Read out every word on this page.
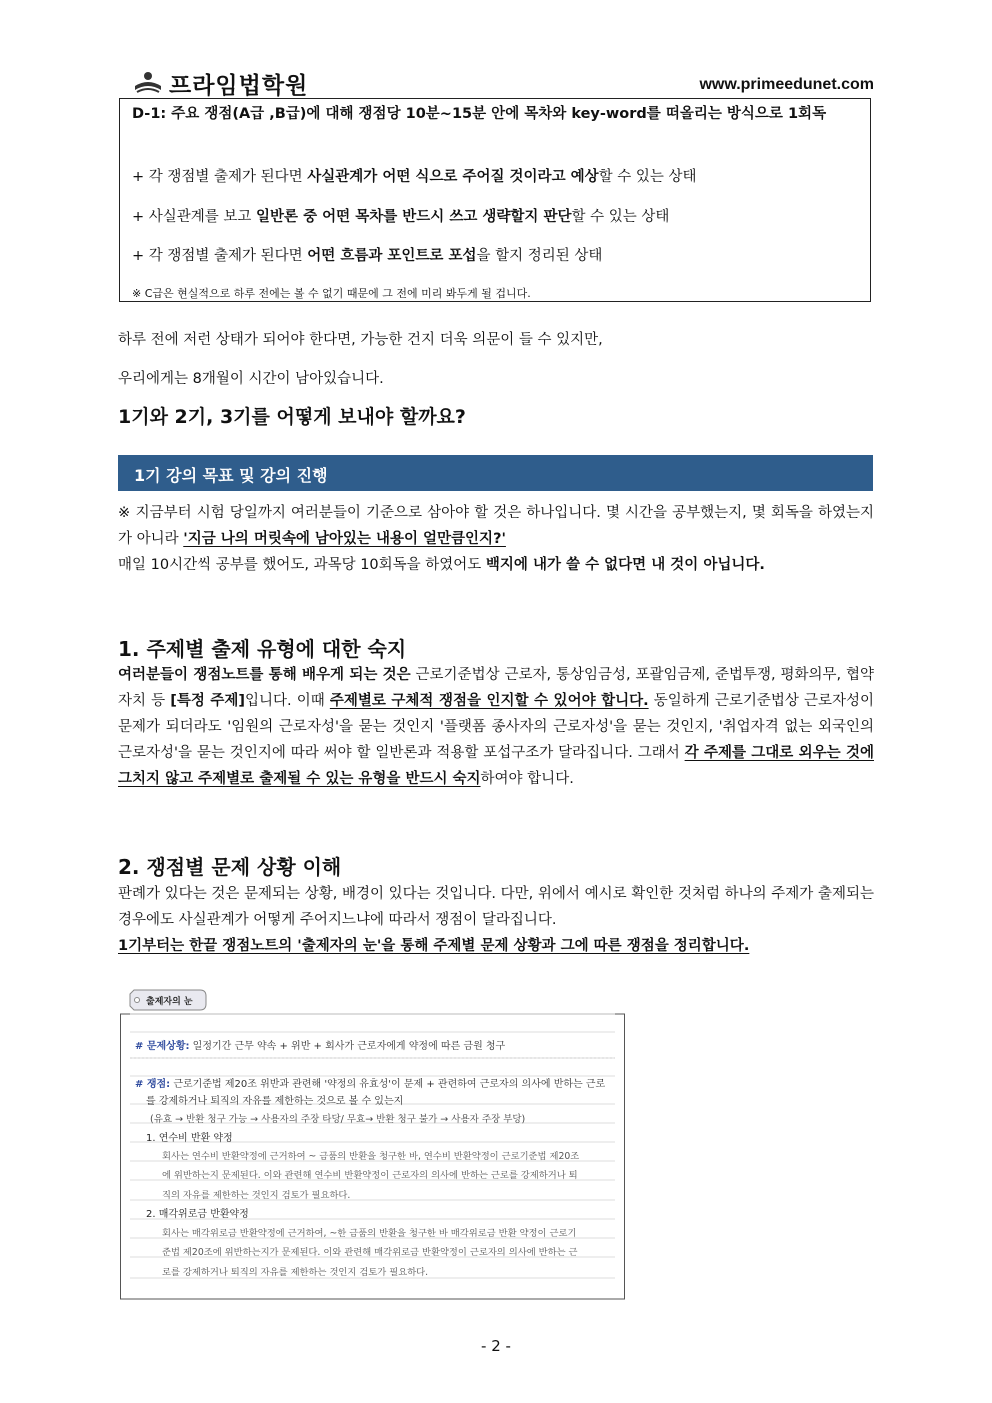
프라임법학원	www.primeedunet.com

D-1: 주요 쟁점(A급 ,B급)에 대해 쟁점당 10분~15분 안에 목차와 key-word를 떠올리는 방식으로 1회독

+ 각 쟁점별 출제가 된다면 사실관계가 어떤 식으로 주어질 것이라고 예상할 수 있는 상태

+ 사실관계를 보고 일반론 중 어떤 목차를 반드시 쓰고 생략할지 판단할 수 있는 상태

+ 각 쟁점별 출제가 된다면 어떤 흐름과 포인트로 포섭을 할지 정리된 상태

※ C급은 현실적으로 하루 전에는 볼 수 없기 때문에 그 전에 미리 봐두게 될 겁니다.

하루 전에 저런 상태가 되어야 한다면, 가능한 건지 더욱 의문이 들 수 있지만,
우리에게는 8개월이 시간이 남아있습니다.
1기와 2기, 3기를 어떻게 보내야 할까요?
1기 강의 목표 및 강의 진행

※ 지금부터 시험 당일까지 여러분들이 기준으로 삼아야 할 것은 하나입니다. 몇 시간을 공부했는지, 몇 회독을 하였는지가 아니라 '지금 나의 머릿속에 남아있는 내용이 얼만큼인지?'

매일 10시간씩 공부를 했어도, 과목당 10회독을 하였어도 백지에 내가 쓸 수 없다면 내 것이 아닙니다.

1. 주제별 출제 유형에 대한 숙지

여러분들이 쟁점노트를 통해 배우게 되는 것은 근로기준법상 근로자, 통상임금성, 포괄임금제, 준법투쟁, 평화의무, 협약자치 등 [특정 주제]입니다. 이때 주제별로 구체적 쟁점을 인지할 수 있어야 합니다. 동일하게 근로기준법상 근로자성이 문제가 되더라도 '임원의 근로자성'을 묻는 것인지 '플랫폼 종사자의 근로자성'을 묻는 것인지, '취업자격 없는 외국인의 근로자성'을 묻는 것인지에 따라 써야 할 일반론과 적용할 포섭구조가 달라집니다. 그래서 각 주제를 그대로 외우는 것에 그치지 않고 주제별로 출제될 수 있는 유형을 반드시 숙지하여야 합니다.

2. 쟁점별 문제 상황 이해

판례가 있다는 것은 문제되는 상황, 배경이 있다는 것입니다. 다만, 위에서 예시로 확인한 것처럼 하나의 주제가 출제되는 경우에도 사실관계가 어떻게 주어지느냐에 따라서 쟁점이 달라집니다.

1기부터는 한끝 쟁점노트의 '출제자의 눈'을 통해 주제별 문제 상황과 그에 따른 쟁점을 정리합니다.

출제자의 눈
# 문제상황: 일정기간 근무 약속 + 위반 + 회사가 근로자에게 약정에 따른 금원 청구
# 쟁점: 근로기준법 제20조 위반과 관련해 '약정의 유효성'이 문제 + 관련하여 근로자의 의사에 반하는 근로
를 강제하거나 퇴직의 자유를 제한하는 것으로 볼 수 있는지
(유효 → 반환 청구 가능 → 사용자의 주장 타당/ 무효→ 반환 청구 불가 → 사용자 주장 부당)
1. 연수비 반환 약정
회사는 연수비 반환약정에 근거하여 ~ 금품의 반환을 청구한 바, 연수비 반환약정이 근로기준법 제20조
에 위반하는지 문제된다. 이와 관련해 연수비 반환약정이 근로자의 의사에 반하는 근로를 강제하거나 퇴
직의 자유를 제한하는 것인지 검토가 필요하다.
2. 매각위로금 반환약정
회사는 매각위로금 반환약정에 근거하여, ~한 금품의 반환을 청구한 바 매각위로금 반환 약정이 근로기
준법 제20조에 위반하는지가 문제된다. 이와 관련해 매각위로금 반환약정이 근로자의 의사에 반하는 근
로를 강제하거나 퇴직의 자유를 제한하는 것인지 검토가 필요하다.
- 2 -
